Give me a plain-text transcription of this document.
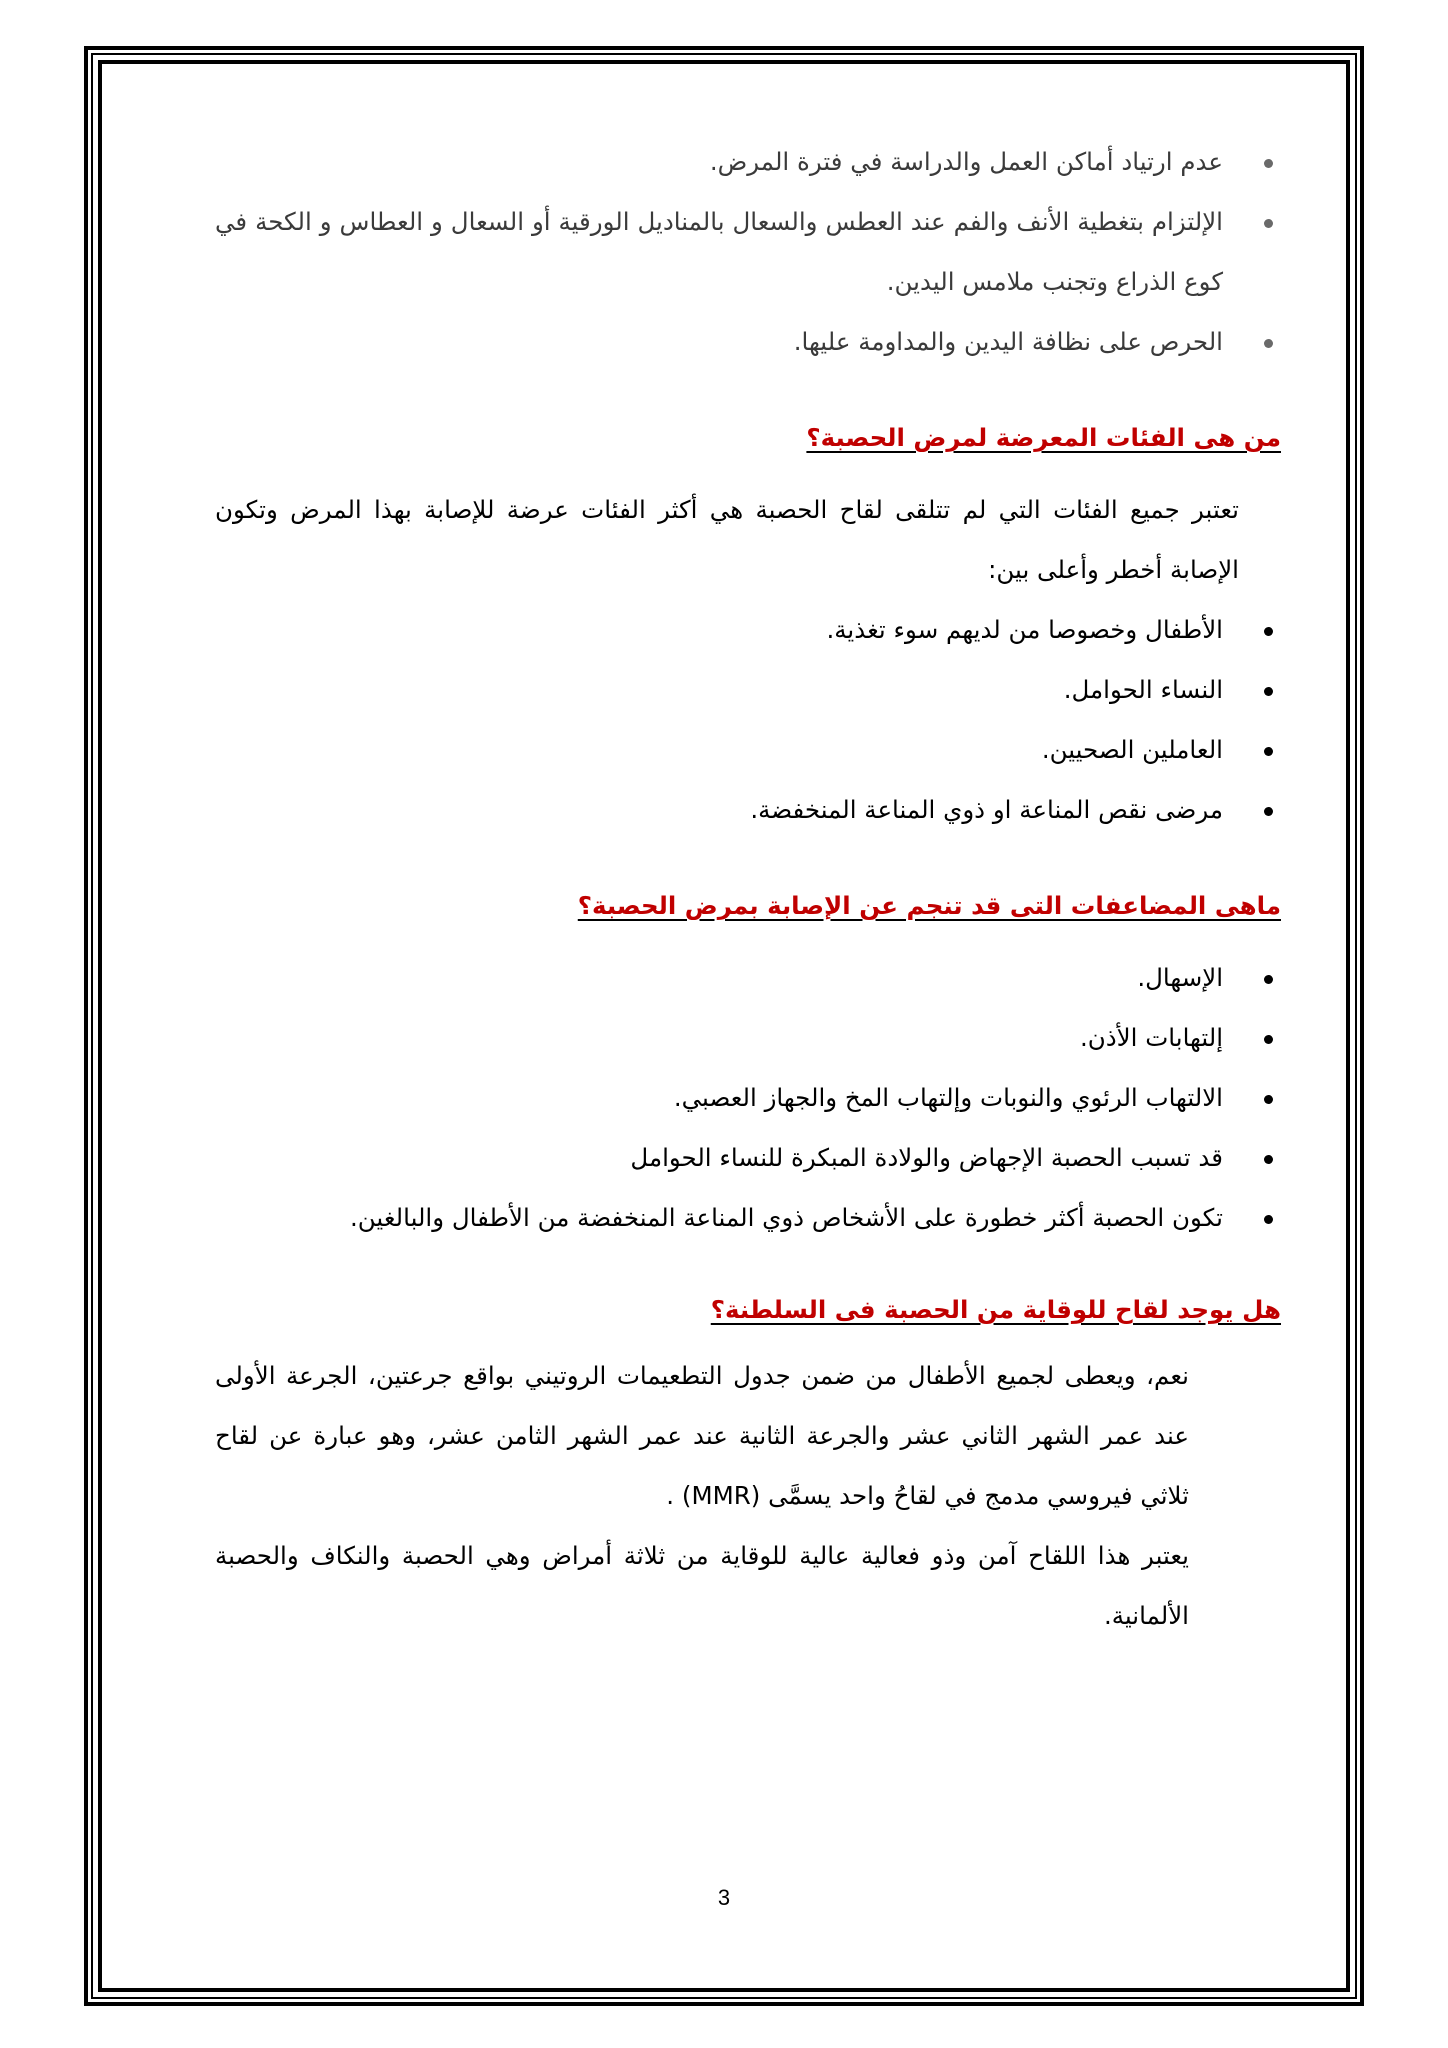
عدم ارتياد أماكن العمل والدراسة في فترة المرض.
الإلتزام بتغطية الأنف والفم عند العطس والسعال بالمناديل الورقية أو السعال و العطاس و الكحة في كوع الذراع وتجنب ملامس اليدين.
الحرص على نظافة اليدين والمداومة عليها.
من هى الفئات المعرضة لمرض الحصبة؟
تعتبر جميع الفئات التي لم تتلقى لقاح الحصبة هي أكثر الفئات عرضة للإصابة بهذا المرض وتكون الإصابة أخطر وأعلى بين:
الأطفال وخصوصا من لديهم سوء تغذية.
النساء الحوامل.
العاملين الصحيين.
مرضى نقص المناعة او ذوي المناعة المنخفضة.
ماهى المضاعفات التى قد تنجم عن الإصابة بمرض الحصبة؟
الإسهال.
إلتهابات الأذن.
الالتهاب الرئوي والنوبات وإلتهاب المخ والجهاز العصبي.
قد تسبب الحصبة الإجهاض والولادة المبكرة للنساء الحوامل
تكون الحصبة أكثر خطورة على الأشخاص ذوي المناعة المنخفضة من الأطفال والبالغين.
هل يوجد لقاح للوقاية من الحصبة فى السلطنة؟
نعم، ويعطى لجميع الأطفال من ضمن جدول التطعيمات الروتيني بواقع جرعتين، الجرعة الأولى عند عمر الشهر الثاني عشر والجرعة الثانية عند عمر الشهر الثامن عشر، وهو عبارة عن لقاح ثلاثي فيروسي مدمج في لقاحُ واحد يسمَّى (MMR) .
يعتبر هذا اللقاح آمن وذو فعالية عالية للوقاية من ثلاثة أمراض وهي الحصبة والنكاف والحصبة الألمانية.
3
